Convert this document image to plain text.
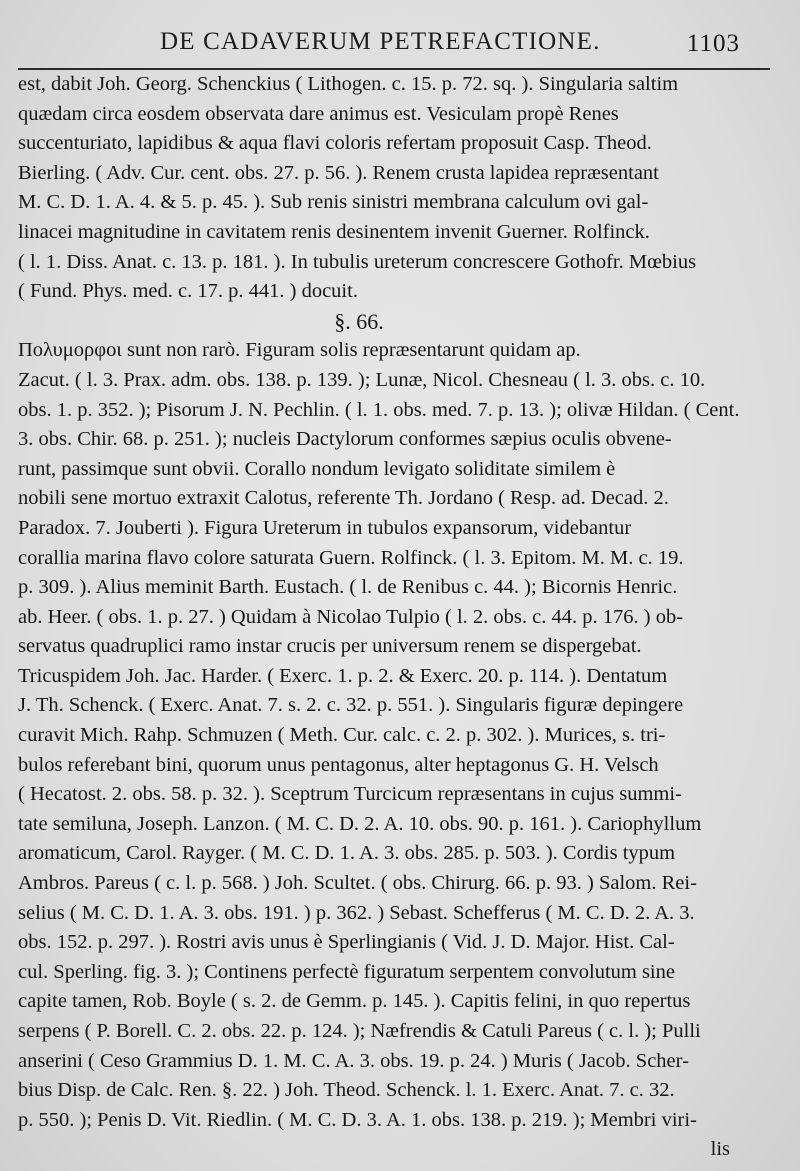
DE CADAVERUM PETREFACTIONE.	1103
est, dabit Joh. Georg. Schenckius ( Lithogen. c. 15. p. 72. sq. ). Singularia saltim
quædam circa eosdem observata dare animus est. Vesiculam propè Renes
succenturiato, lapidibus & aqua flavi coloris refertam proposuit Casp. Theod.
Bierling. ( Adv. Cur. cent. obs. 27. p. 56. ). Renem crusta lapidea repræsentant
M. C. D. 1. A. 4. & 5. p. 45. ). Sub renis sinistri membrana calculum ovi gal-
linacei magnitudine in cavitatem renis desinentem invenit Guerner. Rolfinck.
( l. 1. Diss. Anat. c. 13. p. 181. ). In tubulis ureterum concrescere Gothofr. Mœbius
( Fund. Phys. med. c. 17. p. 441. ) docuit.
§. 66.
Πολυμορφοι sunt non rarò. Figuram solis repræsentarunt quidam ap.
Zacut. ( l. 3. Prax. adm. obs. 138. p. 139. ); Lunæ, Nicol. Chesneau ( l. 3. obs. c. 10.
obs. 1. p. 352. ); Pisorum J. N. Pechlin. ( l. 1. obs. med. 7. p. 13. ); olivæ Hildan. ( Cent.
3. obs. Chir. 68. p. 251. ); nucleis Dactylorum conformes sæpius oculis obvene-
runt, passimque sunt obvii. Corallo nondum levigato soliditate similem è
nobili sene mortuo extraxit Calotus, referente Th. Jordano ( Resp. ad. Decad. 2.
Paradox. 7. Jouberti ). Figura Ureterum in tubulos expansorum, videbantur
corallia marina flavo colore saturata Guern. Rolfinck. ( l. 3. Epitom. M. M. c. 19.
p. 309. ). Alius meminit Barth. Eustach. ( l. de Renibus c. 44. ); Bicornis Henric.
ab. Heer. ( obs. 1. p. 27. ) Quidam à Nicolao Tulpio ( l. 2. obs. c. 44. p. 176. ) ob-
servatus quadruplici ramo instar crucis per universum renem se dispergebat.
Tricuspidem Joh. Jac. Harder. ( Exerc. 1. p. 2. & Exerc. 20. p. 114. ). Dentatum
J. Th. Schenck. ( Exerc. Anat. 7. s. 2. c. 32. p. 551. ). Singularis figuræ depingere
curavit Mich. Rahp. Schmuzen ( Meth. Cur. calc. c. 2. p. 302. ). Murices, s. tri-
bulos referebant bini, quorum unus pentagonus, alter heptagonus G. H. Velsch
( Hecatost. 2. obs. 58. p. 32. ). Sceptrum Turcicum repræsentans in cujus summi-
tate semiluna, Joseph. Lanzon. ( M. C. D. 2. A. 10. obs. 90. p. 161. ). Cariophyllum
aromaticum, Carol. Rayger. ( M. C. D. 1. A. 3. obs. 285. p. 503. ). Cordis typum
Ambros. Pareus ( c. l. p. 568. ) Joh. Scultet. ( obs. Chirurg. 66. p. 93. ) Salom. Rei-
selius ( M. C. D. 1. A. 3. obs. 191. ) p. 362. ) Sebast. Schefferus ( M. C. D. 2. A. 3.
obs. 152. p. 297. ). Rostri avis unus è Sperlingianis ( Vid. J. D. Major. Hist. Cal-
cul. Sperling. fig. 3. ); Continens perfectè figuratum serpentem convolutum sine
capite tamen, Rob. Boyle ( s. 2. de Gemm. p. 145. ). Capitis felini, in quo repertus
serpens ( P. Borell. C. 2. obs. 22. p. 124. ); Næfrendis & Catuli Pareus ( c. l. ); Pulli
anserini ( Ceso Grammius D. 1. M. C. A. 3. obs. 19. p. 24. ) Muris ( Jacob. Scher-
bius Disp. de Calc. Ren. §. 22. ) Joh. Theod. Schenck. l. 1. Exerc. Anat. 7. c. 32.
p. 550. ); Penis D. Vit. Riedlin. ( M. C. D. 3. A. 1. obs. 138. p. 219. ); Membri viri-
lis
